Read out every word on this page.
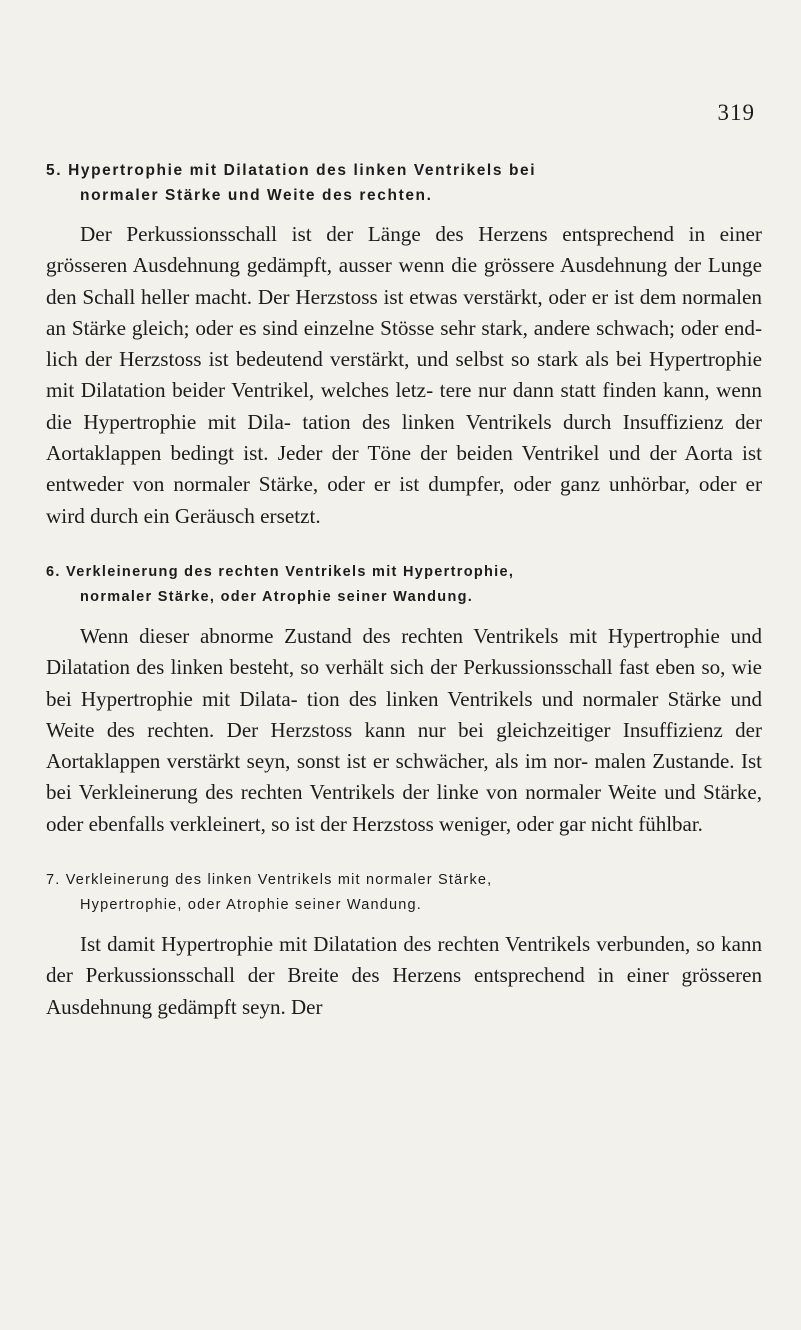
319
5. Hypertrophie mit Dilatation des linken Ventrikels bei
normaler Stärke und Weite des rechten.

Der Perkussionsschall ist der Länge des Herzens entsprechend in einer grösseren Ausdehnung gedämpft, ausser wenn die grössere Ausdehnung der Lunge den Schall heller macht. Der Herzstoss ist etwas verstärkt, oder er ist dem normalen an Stärke gleich; oder es sind einzelne Stösse sehr stark, andere schwach; oder end- lich der Herzstoss ist bedeutend verstärkt, und selbst so stark als bei Hypertrophie mit Dilatation beider Ventrikel, welches letz- tere nur dann statt finden kann, wenn die Hypertrophie mit Dila- tation des linken Ventrikels durch Insuffizienz der Aortaklappen bedingt ist. Jeder der Töne der beiden Ventrikel und der Aorta ist entweder von normaler Stärke, oder er ist dumpfer, oder ganz unhörbar, oder er wird durch ein Geräusch ersetzt.

6. Verkleinerung des rechten Ventrikels mit Hypertrophie,
normaler Stärke, oder Atrophie seiner Wandung.

Wenn dieser abnorme Zustand des rechten Ventrikels mit Hypertrophie und Dilatation des linken besteht, so verhält sich der Perkussionsschall fast eben so, wie bei Hypertrophie mit Dilata- tion des linken Ventrikels und normaler Stärke und Weite des rechten. Der Herzstoss kann nur bei gleichzeitiger Insuffizienz der Aortaklappen verstärkt seyn, sonst ist er schwächer, als im nor- malen Zustande. Ist bei Verkleinerung des rechten Ventrikels der linke von normaler Weite und Stärke, oder ebenfalls verkleinert, so ist der Herzstoss weniger, oder gar nicht fühlbar.

7. Verkleinerung des linken Ventrikels mit normaler Stärke,
Hypertrophie, oder Atrophie seiner Wandung.

Ist damit Hypertrophie mit Dilatation des rechten Ventrikels verbunden, so kann der Perkussionsschall der Breite des Herzens entsprechend in einer grösseren Ausdehnung gedämpft seyn. Der
